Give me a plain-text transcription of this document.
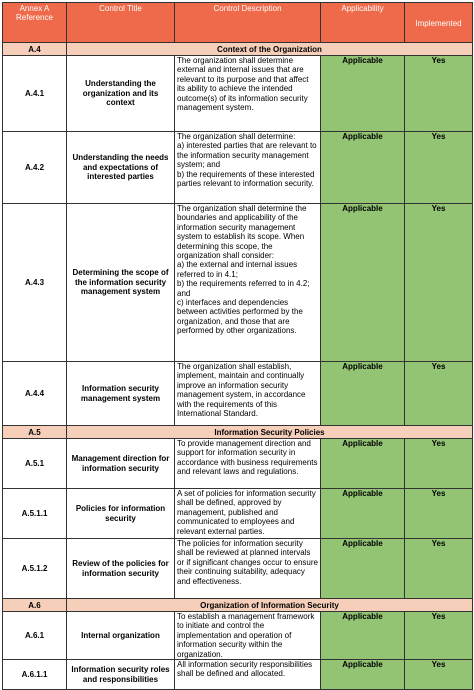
Annex A Reference	Control Title	Control Description	Applicability	Implemented
A.4	Context of the Organization			
A.4.1	Understanding the organization and its context	The organization shall determine external and internal issues that are relevant to its purpose and that affect its ability to achieve the intended outcome(s) of its information security management system.	Applicable	Yes
A.4.2	Understanding the needs and expectations of interested parties	The organization shall determine:
a) interested parties that are relevant to the information security management system; and
b) the requirements of these interested parties relevant to information security.	Applicable	Yes
A.4.3	Determining the scope of the information security management system	The organization shall determine the boundaries and applicability of the information security management system to establish its scope. When determining this scope, the organization shall consider:
a) the external and internal issues referred to in 4.1;
b) the requirements referred to in 4.2; and
c) interfaces and dependencies between activities performed by the organization, and those that are performed by other organizations.	Applicable	Yes
A.4.4	Information security management system	The organization shall establish, implement, maintain and continually improve an information security management system, in accordance with the requirements of this International Standard.	Applicable	Yes
A.5	Information Security Policies			
A.5.1	Management direction for information security	To provide management direction and support for information security in accordance with business requirements and relevant laws and regulations.	Applicable	Yes
A.5.1.1	Policies for information security	A set of policies for information security shall be defined, approved by management, published and communicated to employees and relevant external parties.	Applicable	Yes
A.5.1.2	Review of the policies for information security	The policies for information security shall be reviewed at planned intervals or if significant changes occur to ensure their continuing suitability, adequacy and effectiveness.	Applicable	Yes
A.6	Organization of Information Security			
A.6.1	Internal organization	To establish a management framework to initiate and control the implementation and operation of information security within the organization.	Applicable	Yes
A.6.1.1	Information security roles and responsibilities	All information security responsibilities shall be defined and allocated.	Applicable	Yes
